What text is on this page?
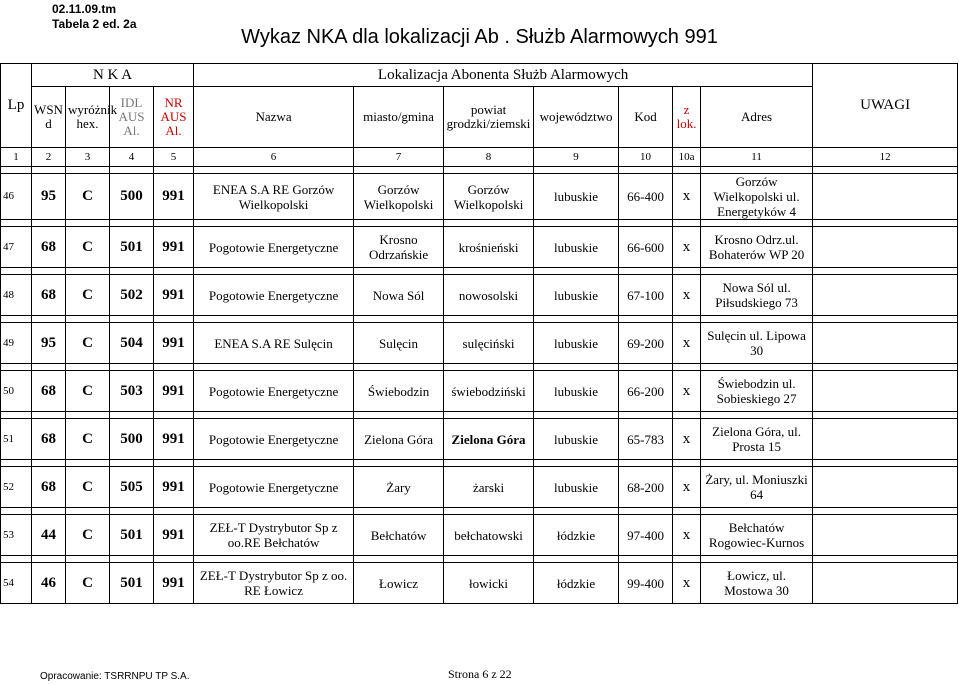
02.11.09.tm
Tabela 2 ed. 2a
Wykaz NKA dla lokalizacji Ab . Służb Alarmowych 991
Lp	N K A				Lokalizacja Abonenta Służb Alarmowych							UWAGI
	WSN d	wyróżnik hex.	IDL AUS Al.	NR AUS Al.	Nazwa	miasto/gmina	powiat grodzki/ziemski	województwo	Kod	z lok.	Adres	
1	2	3	4	5	6	7	8	9	10	10a	11	12

46	95	C	500	991	ENEA S.A RE Gorzów Wielkopolski	Gorzów Wielkopolski	Gorzów Wielkopolski	lubuskie	66-400	x	Gorzów Wielkopolski ul. Energetyków 4	

47	68	C	501	991	Pogotowie Energetyczne	Krosno Odrzańskie	krośnieński	lubuskie	66-600	x	Krosno Odrz.ul. Bohaterów WP 20	

48	68	C	502	991	Pogotowie Energetyczne	Nowa Sól	nowosolski	lubuskie	67-100	x	Nowa Sól ul. Piłsudskiego 73	

49	95	C	504	991	ENEA S.A RE Sulęcin	Sulęcin	sulęciński	lubuskie	69-200	x	Sulęcin ul. Lipowa 30	

50	68	C	503	991	Pogotowie Energetyczne	Świebodzin	świebodziński	lubuskie	66-200	x	Świebodzin ul. Sobieskiego 27	

51	68	C	500	991	Pogotowie Energetyczne	Zielona Góra	Zielona Góra	lubuskie	65-783	x	Zielona Góra, ul. Prosta 15	

52	68	C	505	991	Pogotowie Energetyczne	Żary	żarski	lubuskie	68-200	x	Żary, ul. Moniuszki 64	

53	44	C	501	991	ZEŁ-T Dystrybutor Sp z oo.RE Bełchatów	Bełchatów	bełchatowski	łódzkie	97-400	x	Bełchatów Rogowiec-Kurnos	

54	46	C	501	991	ZEŁ-T Dystrybutor Sp z oo. RE Łowicz	Łowicz	łowicki	łódzkie	99-400	x	Łowicz, ul. Mostowa 30	
Opracowanie: TSRRNPU TP S.A.	Strona 6 z 22
